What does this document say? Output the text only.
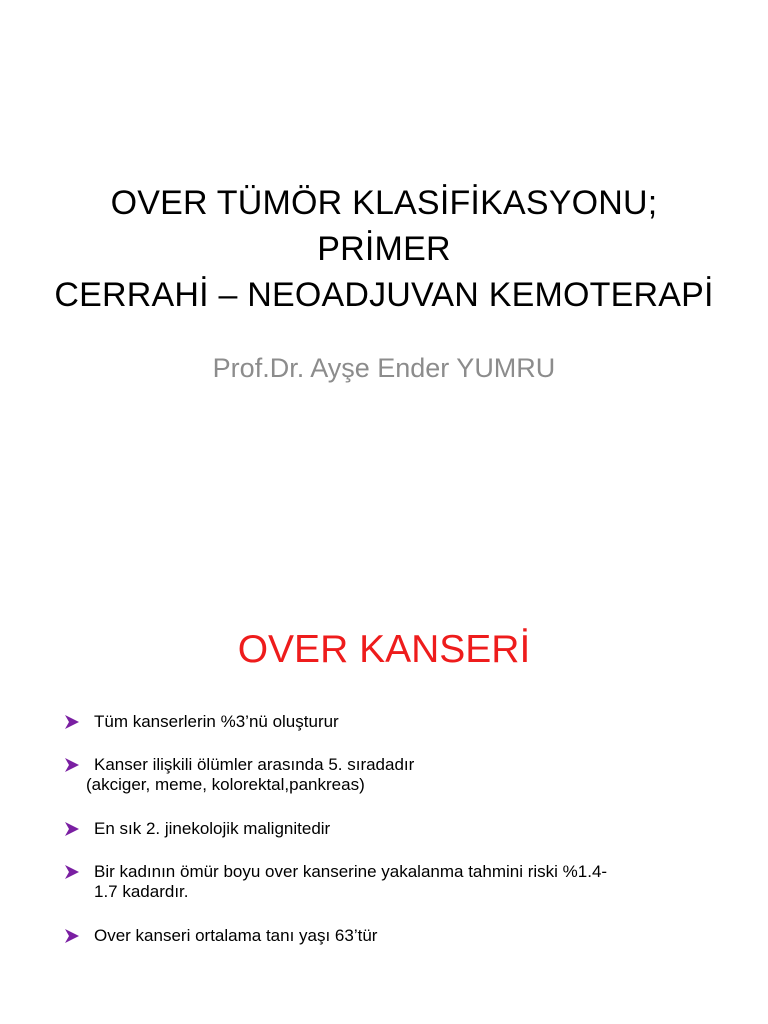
OVER TÜMÖR KLASİFİKASYONU; PRİMER
CERRAHİ – NEOADJUVAN KEMOTERAPİ

Prof.Dr. Ayşe Ender YUMRU

OVER KANSERİ
Tüm kanserlerin %3’nü oluşturur
Kanser ilişkili ölümler arasında 5. sıradadır
(akciger, meme, kolorektal,pankreas)
En sık 2. jinekolojik malignitedir
Bir kadının ömür boyu over kanserine yakalanma tahmini riski %1.4-
1.7 kadardır.
Over kanseri ortalama tanı yaşı 63’tür
